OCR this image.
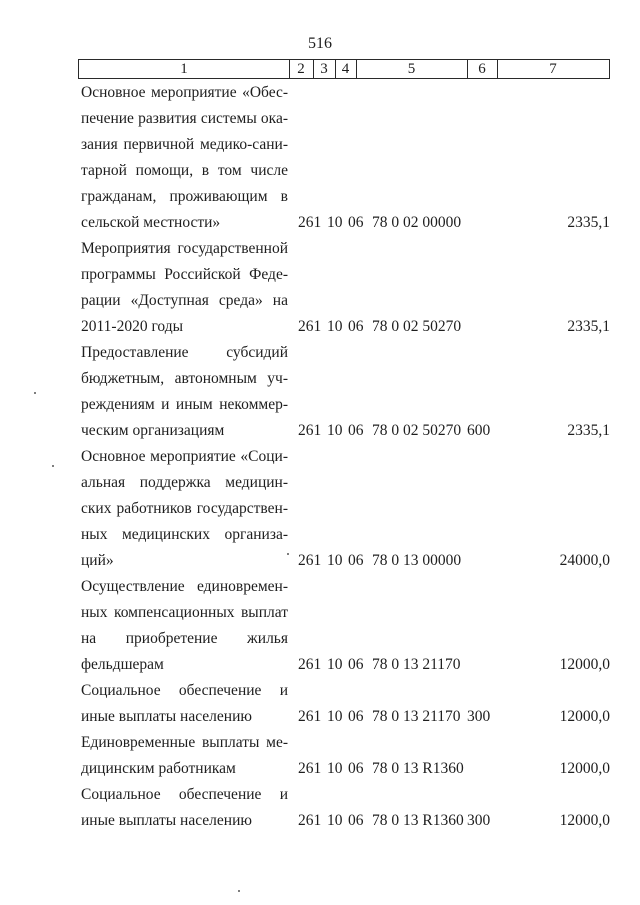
516
1	2	3 4	5	6	7
Основное мероприятие «Обес-
печение развития системы ока-
зания первичной медико-сани-
тарной помощи, в том числе
гражданам, проживающим в
сельской местности»	261 10 06 78 0 02 00000	2335,1
Мероприятия государственной
программы Российской Феде-
рации «Доступная среда» на
2011-2020 годы	261 10 06 78 0 02 50270	2335,1
Предоставление субсидий
бюджетным, автономным уч-
реждениям и иным некоммер-
ческим организациям	261 10 06 78 0 02 50270 600	2335,1
Основное мероприятие «Соци-
альная поддержка медицин-
ских работников государствен-
ных медицинских организа-
ций»	261 10 06 78 0 13 00000	24000,0
Осуществление единовремен-
ных компенсационных выплат
на приобретение жилья
фельдшерам	261 10 06 78 0 13 21170	12000,0
Социальное обеспечение и
иные выплаты населению	261 10 06 78 0 13 21170 300	12000,0
Единовременные выплаты ме-
дицинским работникам	261 10 06 78 0 13 R1360	12000,0
Социальное обеспечение и
иные выплаты населению	261 10 06 78 0 13 R1360 300	12000,0
